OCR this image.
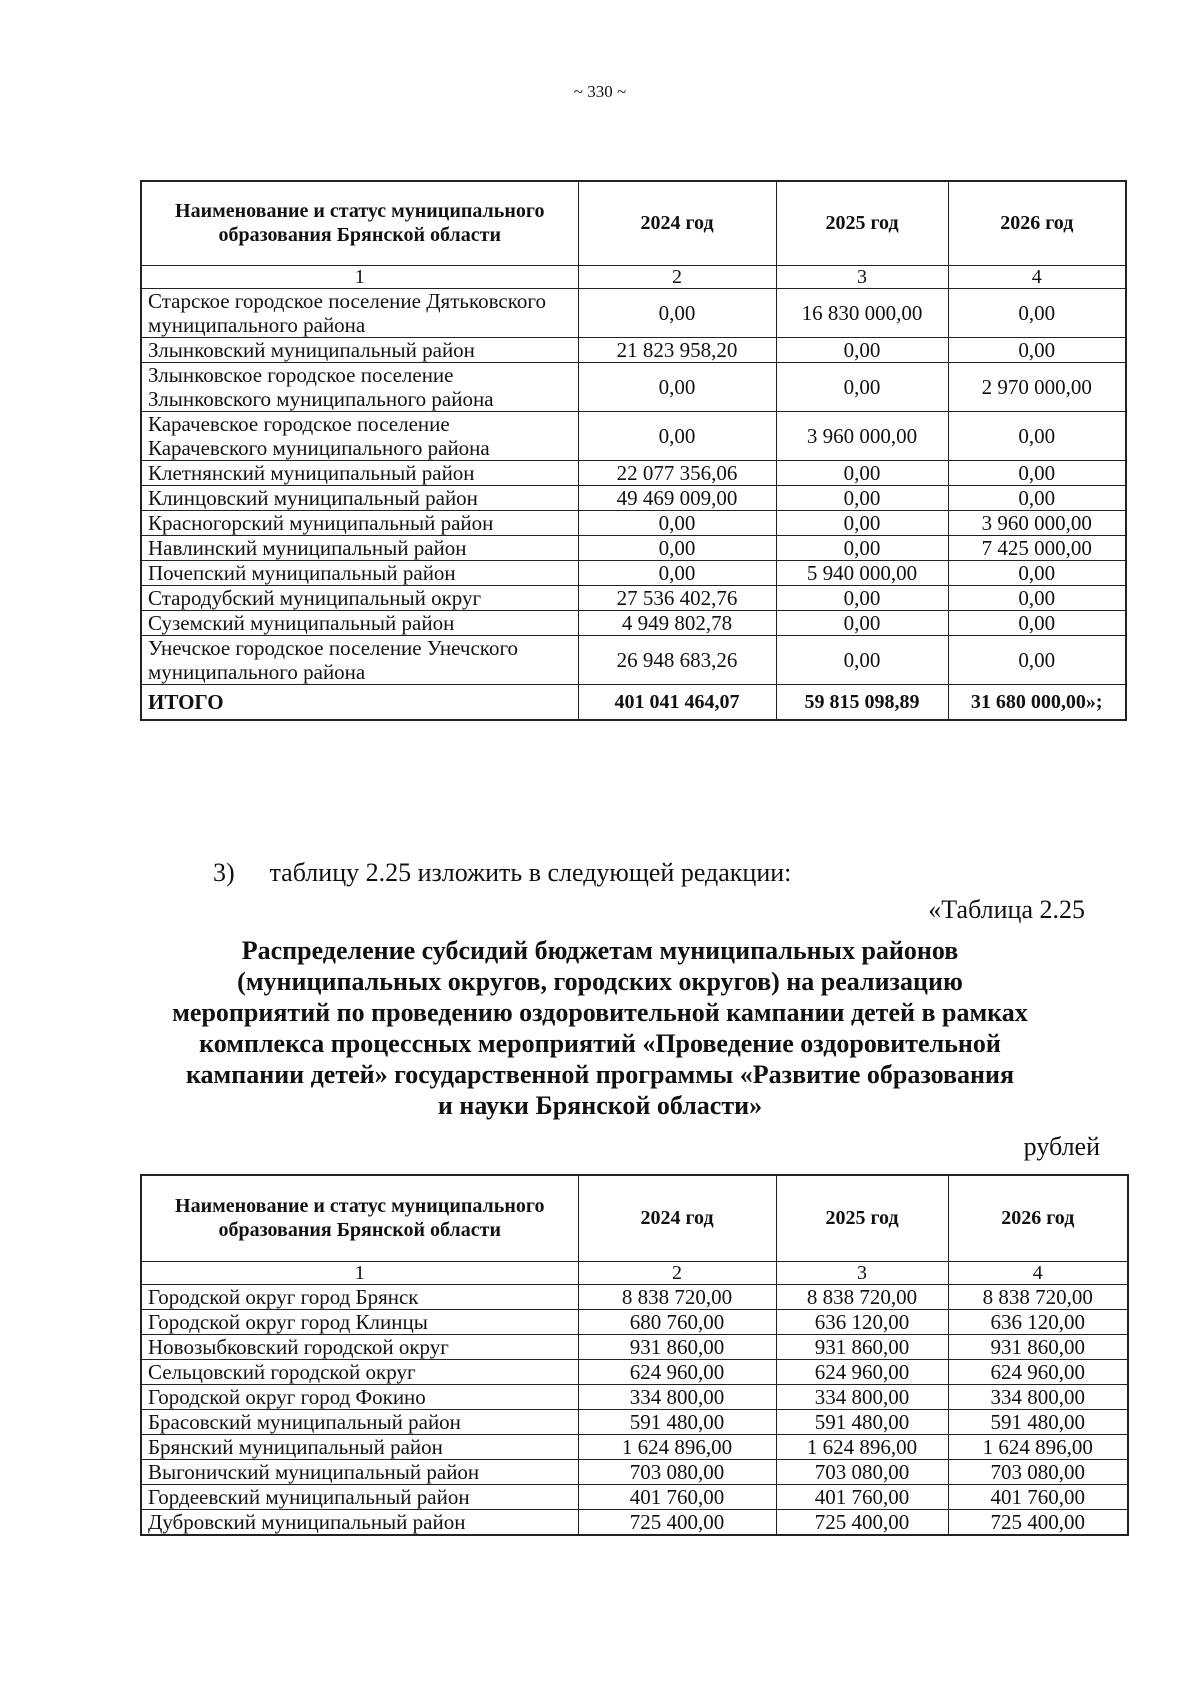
~ 330 ~
Наименование и статус муниципального образования Брянской области	2024 год	2025 год	2026 год
1	2	3	4
Старское городское поселение Дятьковского муниципального района	0,00	16 830 000,00	0,00
Злынковский муниципальный район	21 823 958,20	0,00	0,00
Злынковское городское поселение Злынковского муниципального района	0,00	0,00	2 970 000,00
Карачевское городское поселение Карачевского муниципального района	0,00	3 960 000,00	0,00
Клетнянский муниципальный район	22 077 356,06	0,00	0,00
Клинцовский муниципальный район	49 469 009,00	0,00	0,00
Красногорский муниципальный район	0,00	0,00	3 960 000,00
Навлинский муниципальный район	0,00	0,00	7 425 000,00
Почепский муниципальный район	0,00	5 940 000,00	0,00
Стародубский муниципальный округ	27 536 402,76	0,00	0,00
Суземский муниципальный район	4 949 802,78	0,00	0,00
Унечское городское поселение Унечского муниципального района	26 948 683,26	0,00	0,00
ИТОГО	401 041 464,07	59 815 098,89	31 680 000,00»;
3) таблицу 2.25 изложить в следующей редакции:
«Таблица 2.25
Распределение субсидий бюджетам муниципальных районов
(муниципальных округов, городских округов) на реализацию
мероприятий по проведению оздоровительной кампании детей в рамках
комплекса процессных мероприятий «Проведение оздоровительной
кампании детей» государственной программы «Развитие образования
и науки Брянской области»
рублей
Наименование и статус муниципального образования Брянской области	2024 год	2025 год	2026 год
1	2	3	4
Городской округ город Брянск	8 838 720,00	8 838 720,00	8 838 720,00
Городской округ город Клинцы	680 760,00	636 120,00	636 120,00
Новозыбковский городской округ	931 860,00	931 860,00	931 860,00
Сельцовский городской округ	624 960,00	624 960,00	624 960,00
Городской округ город Фокино	334 800,00	334 800,00	334 800,00
Брасовский муниципальный район	591 480,00	591 480,00	591 480,00
Брянский муниципальный район	1 624 896,00	1 624 896,00	1 624 896,00
Выгоничский муниципальный район	703 080,00	703 080,00	703 080,00
Гордеевский муниципальный район	401 760,00	401 760,00	401 760,00
Дубровский муниципальный район	725 400,00	725 400,00	725 400,00
